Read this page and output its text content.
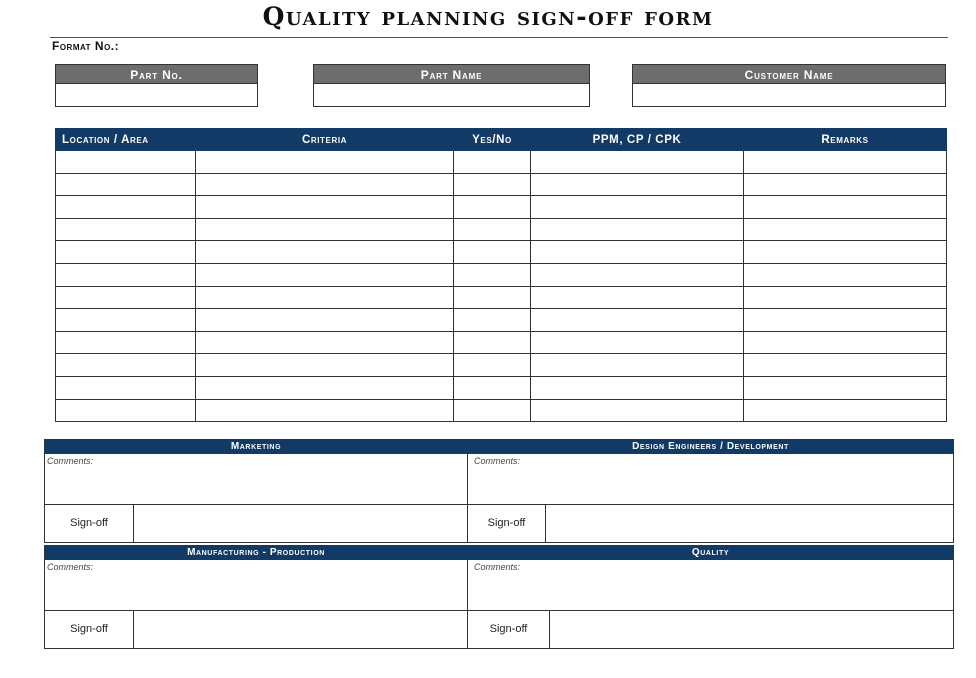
Quality planning sign-off form
Format No.:
Part No.	Part Name	Customer Name
Location / Area	Criteria	Yes/No	PPM, CP / CPK	Remarks

Marketing
Comments:
Sign-off
Design Engineers / Development
Comments:
Sign-off
Manufacturing - Production
Comments:
Sign-off
Quality
Comments:
Sign-off
